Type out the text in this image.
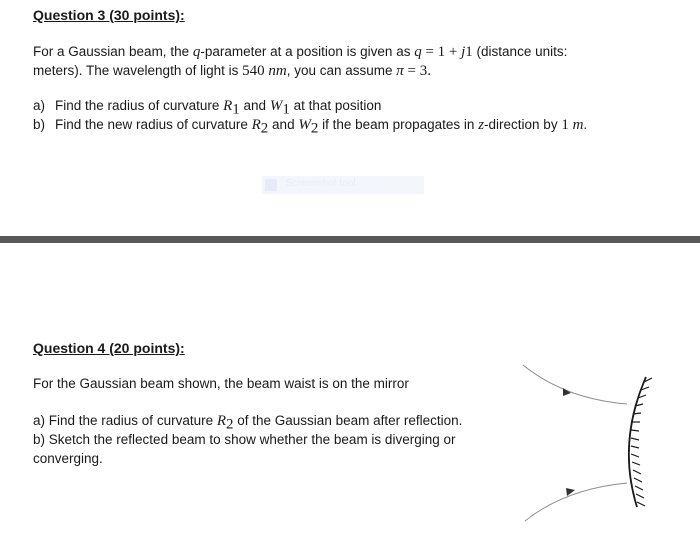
Question 3 (30 points):
For a Gaussian beam, the q-parameter at a position is given as q = 1 + j1 (distance units:
meters). The wavelength of light is 540 nm, you can assume π = 3.
a) Find the radius of curvature $R_1$ and $W_1$ at that position
b) Find the new radius of curvature $R_2$ and $W_2$ if the beam propagates in z-direction by 1 m.
Screenshot tool
Question 4 (20 points):
For the Gaussian beam shown, the beam waist is on the mirror
a) Find the radius of curvature $R_2$ of the Gaussian beam after reflection.
b) Sketch the reflected beam to show whether the beam is diverging or
converging.
